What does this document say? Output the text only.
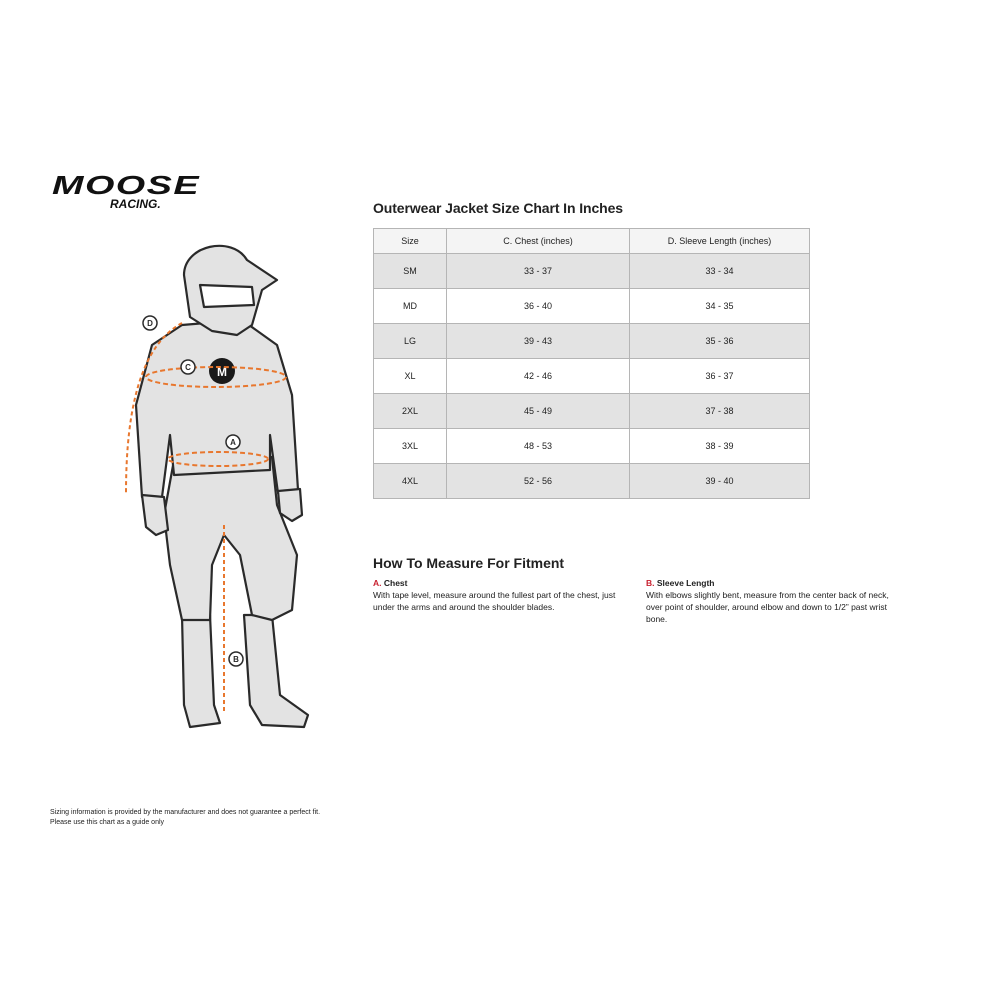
MOOSE
RACING.
M
D
C
A
B
Outerwear Jacket Size Chart In Inches
Size	C. Chest (inches)	D. Sleeve Length (inches)
SM	33 - 37	33 - 34
MD	36 - 40	34 - 35
LG	39 - 43	35 - 36
XL	42 - 46	36 - 37
2XL	45 - 49	37 - 38
3XL	48 - 53	38 - 39
4XL	52 - 56	39 - 40
How To Measure For Fitment
A. Chest
With tape level, measure around the fullest part of the chest, just under the arms and around the shoulder blades.
B. Sleeve Length
With elbows slightly bent, measure from the center back of neck, over point of shoulder, around elbow and down to 1/2” past wrist bone.
Sizing information is provided by the manufacturer and does not guarantee a perfect fit.
Please use this chart as a guide only
